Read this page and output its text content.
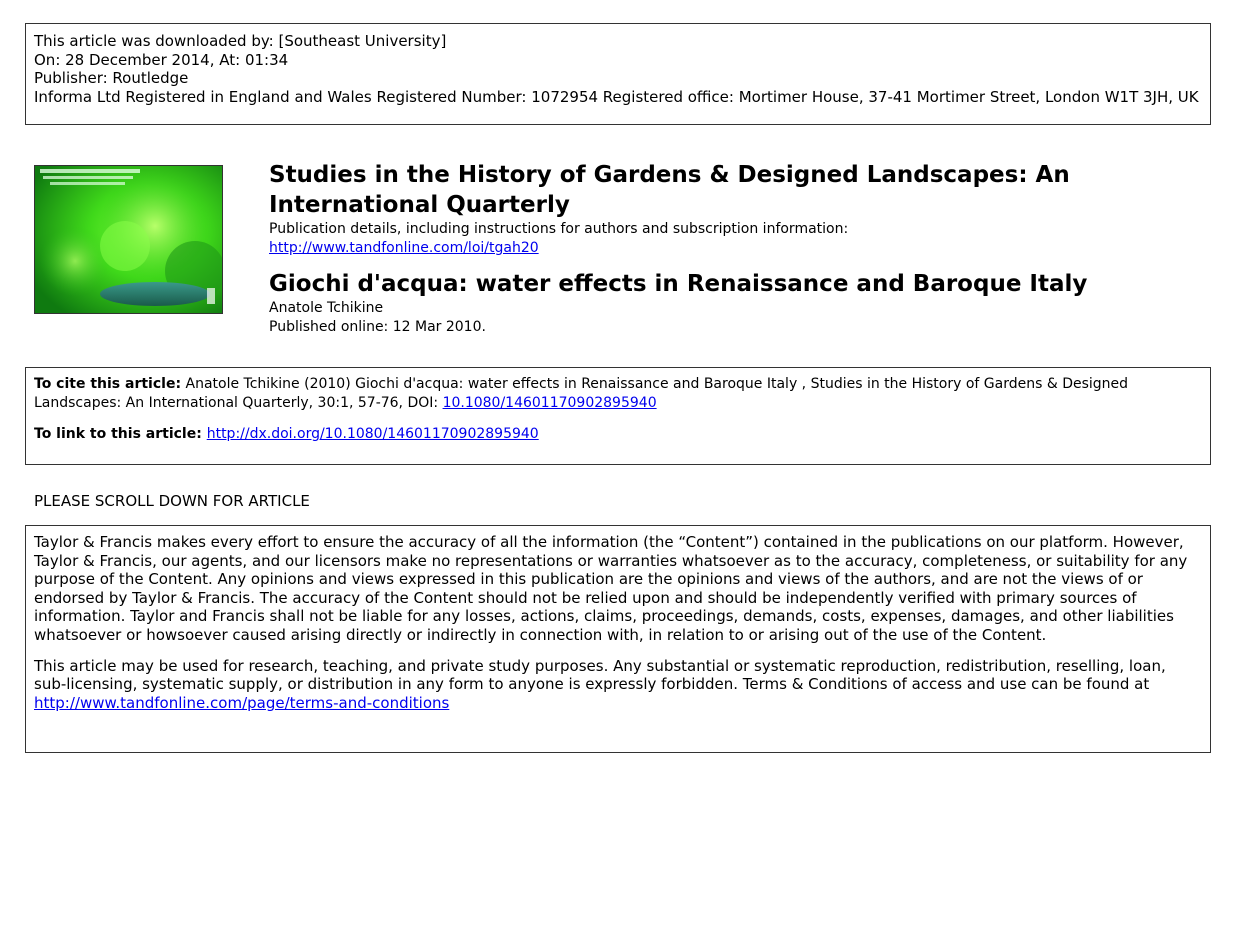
This article was downloaded by: [Southeast University]
On: 28 December 2014, At: 01:34
Publisher: Routledge
Informa Ltd Registered in England and Wales Registered Number: 1072954 Registered office: Mortimer House, 37-41 Mortimer Street, London W1T 3JH, UK
Studies in the History of Gardens & Designed Landscapes: An International Quarterly
Publication details, including instructions for authors and subscription information:
http://www.tandfonline.com/loi/tgah20
Giochi d'acqua: water effects in Renaissance and Baroque Italy
Anatole Tchikine
Published online: 12 Mar 2010.
To cite this article: Anatole Tchikine (2010) Giochi d'acqua: water effects in Renaissance and Baroque Italy , Studies in the History of Gardens & Designed Landscapes: An International Quarterly, 30:1, 57-76, DOI: 10.1080/14601170902895940
To link to this article: http://dx.doi.org/10.1080/14601170902895940
PLEASE SCROLL DOWN FOR ARTICLE

Taylor & Francis makes every effort to ensure the accuracy of all the information (the “Content”) contained in the publications on our platform. However, Taylor & Francis, our agents, and our licensors make no representations or warranties whatsoever as to the accuracy, completeness, or suitability for any purpose of the Content. Any opinions and views expressed in this publication are the opinions and views of the authors, and are not the views of or endorsed by Taylor & Francis. The accuracy of the Content should not be relied upon and should be independently verified with primary sources of information. Taylor and Francis shall not be liable for any losses, actions, claims, proceedings, demands, costs, expenses, damages, and other liabilities whatsoever or howsoever caused arising directly or indirectly in connection with, in relation to or arising out of the use of the Content.

This article may be used for research, teaching, and private study purposes. Any substantial or systematic reproduction, redistribution, reselling, loan, sub-licensing, systematic supply, or distribution in any form to anyone is expressly forbidden. Terms & Conditions of access and use can be found at http://www.tandfonline.com/page/terms-and-conditions
